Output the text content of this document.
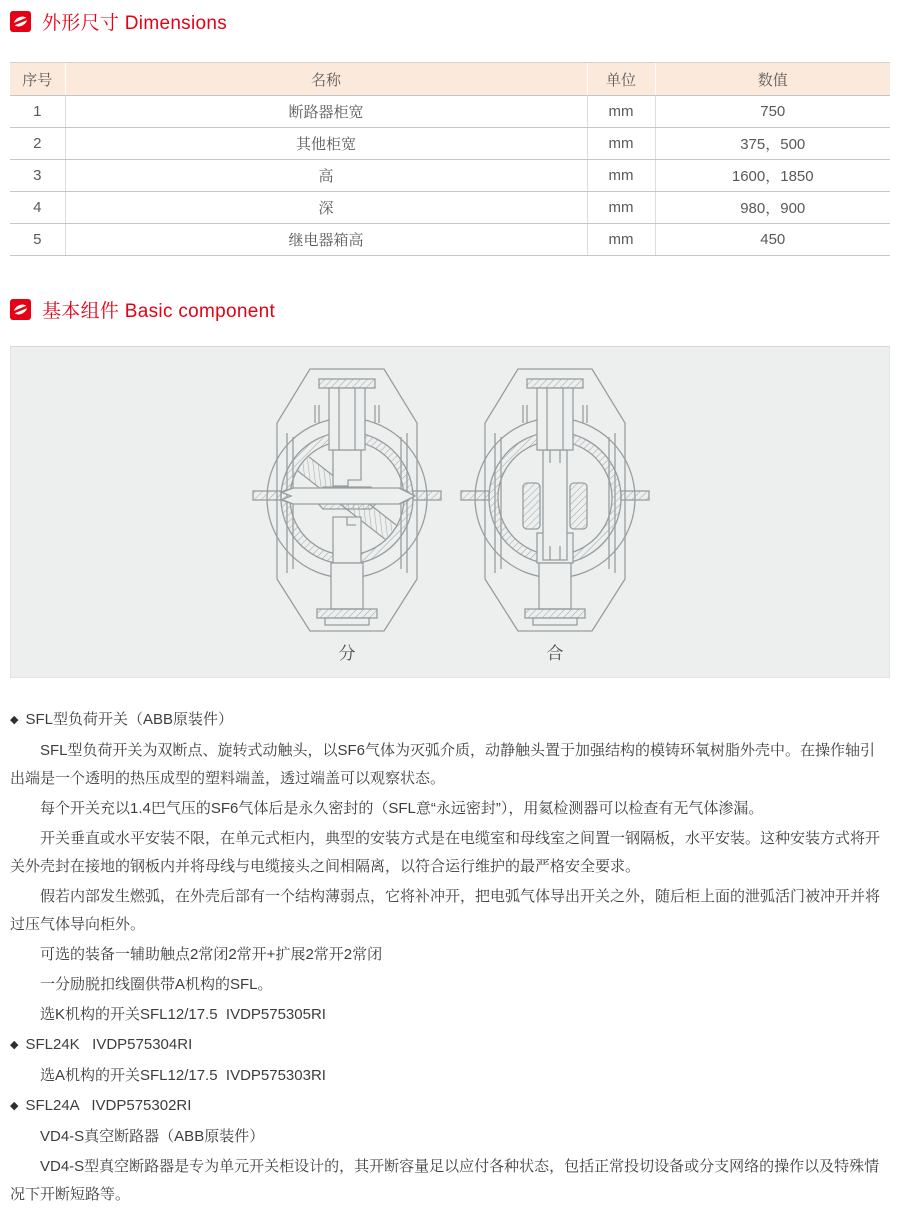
外形尺寸 Dimensions
序号	名称	单位	数值
1	断路器柜宽	mm	750
2	其他柜宽	mm	375，500
3	高	mm	1600，1850
4	深	mm	980，900
5	继电器箱高	mm	450
基本组件 Basic component
分	合

◆ SFL型负荷开关（ABB原装件）

SFL型负荷开关为双断点、旋转式动触头，以SF6气体为灭弧介质，动静触头置于加强结构的模铸环氧树脂外壳中。在操作轴引出端是一个透明的热压成型的塑料端盖，透过端盖可以观察状态。

每个开关充以1.4巴气压的SF6气体后是永久密封的（SFL意“永远密封”），用氦检测器可以检查有无气体渗漏。

开关垂直或水平安装不限，在单元式柜内，典型的安装方式是在电缆室和母线室之间置一钢隔板，水平安装。这种安装方式将开关外壳封在接地的钢板内并将母线与电缆接头之间相隔离，以符合运行维护的最严格安全要求。

假若内部发生燃弧，在外壳后部有一个结构薄弱点，它将补冲开，把电弧气体导出开关之外，随后柜上面的泄弧活门被冲开并将过压气体导向柜外。

可选的装备一辅助触点2常闭2常开+扩展2常开2常闭

一分励脱扣线圈供带A机构的SFL。

选K机构的开关SFL12/17.5  IVDP575305RI

◆ SFL24K   IVDP575304RI

选A机构的开关SFL12/17.5  IVDP575303RI

◆ SFL24A   IVDP575302RI

VD4-S真空断路器（ABB原装件）

VD4-S型真空断路器是专为单元开关柜设计的，其开断容量足以应付各种状态，包括正常投切设备或分支网络的操作以及特殊情况下开断短路等。
